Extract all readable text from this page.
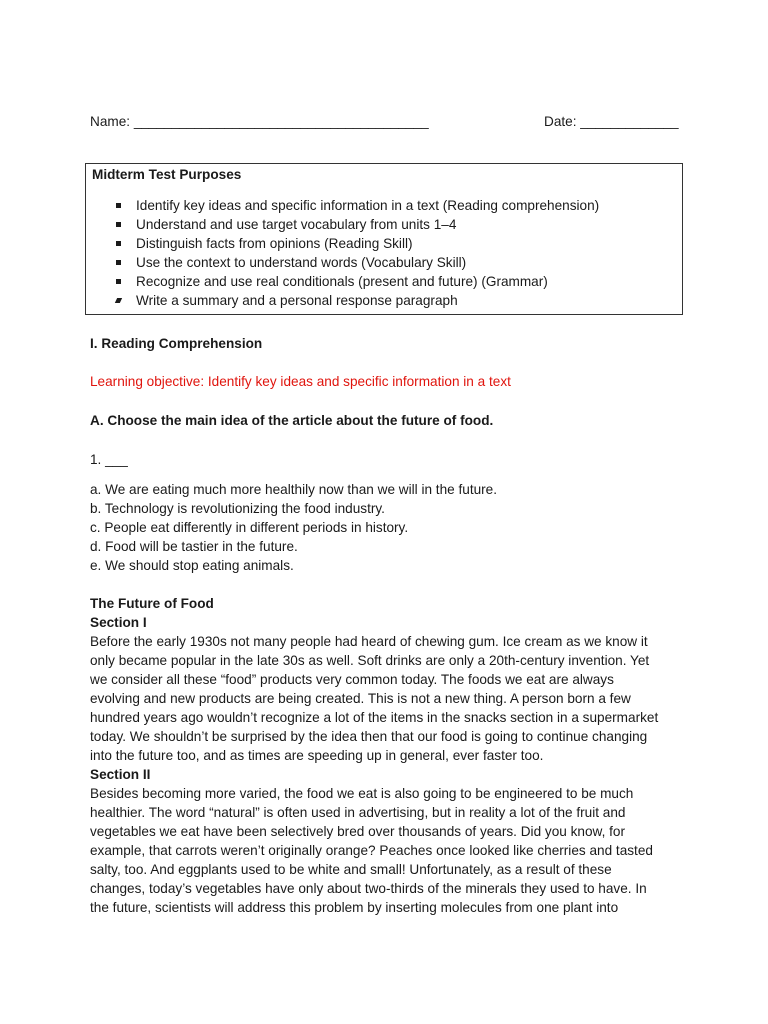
Name: _______________________________________	Date: _____________
Midterm Test Purposes
Identify key ideas and specific information in a text (Reading comprehension)
Understand and use target vocabulary from units 1–4
Distinguish facts from opinions (Reading Skill)
Use the context to understand words (Vocabulary Skill)
Recognize and use real conditionals (present and future) (Grammar)
Write a summary and a personal response paragraph
I. Reading Comprehension
Learning objective: Identify key ideas and specific information in a text
A. Choose the main idea of the article about the future of food.
1. ___

a. We are eating much more healthily now than we will in the future.

b. Technology is revolutionizing the food industry.

c. People eat differently in different periods in history.

d. Food will be tastier in the future.

e. We should stop eating animals.

The Future of Food

Section I

Before the early 1930s not many people had heard of chewing gum. Ice cream as we know it

only became popular in the late 30s as well. Soft drinks are only a 20th-century invention. Yet

we consider all these “food” products very common today. The foods we eat are always

evolving and new products are being created. This is not a new thing. A person born a few

hundred years ago wouldn’t recognize a lot of the items in the snacks section in a supermarket

today. We shouldn’t be surprised by the idea then that our food is going to continue changing

into the future too, and as times are speeding up in general, ever faster too.

Section II

Besides becoming more varied, the food we eat is also going to be engineered to be much

healthier. The word “natural” is often used in advertising, but in reality a lot of the fruit and

vegetables we eat have been selectively bred over thousands of years. Did you know, for

example, that carrots weren’t originally orange? Peaches once looked like cherries and tasted

salty, too. And eggplants used to be white and small! Unfortunately, as a result of these

changes, today’s vegetables have only about two-thirds of the minerals they used to have. In

the future, scientists will address this problem by inserting molecules from one plant into
